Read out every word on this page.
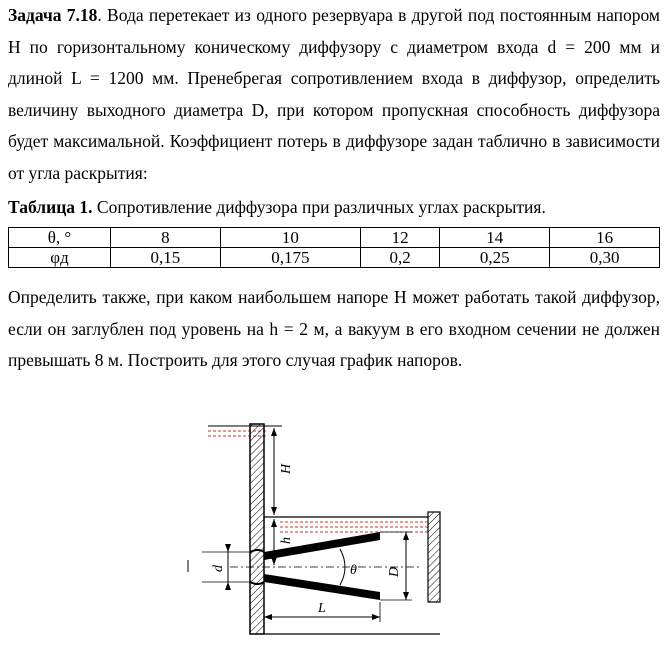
Задача 7.18. Вода перетекает из одного резервуара в другой под постоянным напором H по горизонтальному коническому диффузору с диаметром входа d = 200 мм и длиной L = 1200 мм. Пренебрегая сопротивлением входа в диффузор, определить величину выходного диаметра D, при котором пропускная способность диффузора будет максимальной. Коэффициент потерь в диффузоре задан таблично в зависимости от угла раскрытия:

Таблица 1. Сопротивление диффузора при различных углах раскрытия.
θ, °	8	10	12	14	16
φд	0,15	0,175	0,2	0,25	0,30

Определить также, при каком наибольшем напоре H может работать такой диффузор, если он заглублен под уровень на h = 2 м, а вакуум в его входном сечении не должен превышать 8 м. Построить для этого случая график напоров.

H
h
d	θ D
L
